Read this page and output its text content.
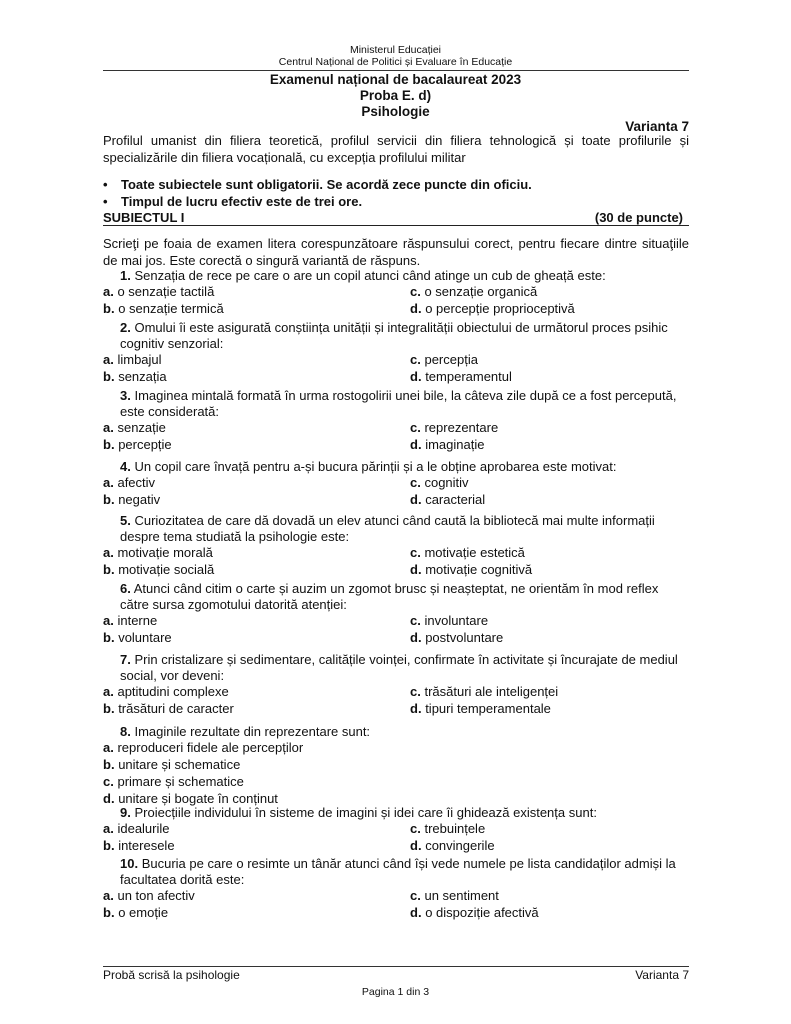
Ministerul Educației
Centrul Național de Politici și Evaluare în Educație
Examenul național de bacalaureat 2023
Proba E. d)
Psihologie
Varianta 7
Profilul umanist din filiera teoretică, profilul servicii din filiera tehnologică și toate profilurile și specializările din filiera vocațională, cu excepția profilului militar
• Toate subiectele sunt obligatorii. Se acordă zece puncte din oficiu.
• Timpul de lucru efectiv este de trei ore.
SUBIECTUL I	(30 de puncte)
Scrieţi pe foaia de examen litera corespunzătoare răspunsului corect, pentru fiecare dintre situaţiile de mai jos. Este corectă o singură variantă de răspuns.
1. Senzația de rece pe care o are un copil atunci când atinge un cub de gheață este:
a. o senzație tactilă	c. o senzație organică
b. o senzație termică	d. o percepție proprioceptivă
2. Omului îi este asigurată conștiința unității și integralității obiectului de următorul proces psihic cognitiv senzorial:
a. limbajul	c. percepția
b. senzația	d. temperamentul
3. Imaginea mintală formată în urma rostogolirii unei bile, la câteva zile după ce a fost percepută, este considerată:
a. senzație	c. reprezentare
b. percepție	d. imaginație
4. Un copil care învață pentru a-și bucura părinții și a le obține aprobarea este motivat:
a. afectiv	c. cognitiv
b. negativ	d. caracterial
5. Curiozitatea de care dă dovadă un elev atunci când caută la bibliotecă mai multe informații despre tema studiată la psihologie este:
a. motivație morală	c. motivație estetică
b. motivație socială	d. motivație cognitivă
6. Atunci când citim o carte și auzim un zgomot brusc și neașteptat, ne orientăm în mod reflex către sursa zgomotului datorită atenției:
a. interne	c. involuntare
b. voluntare	d. postvoluntare
7. Prin cristalizare și sedimentare, calitățile voinței, confirmate în activitate și încurajate de mediul social, vor deveni:
a. aptitudini complexe	c. trăsături ale inteligenței
b. trăsături de caracter	d. tipuri temperamentale
8. Imaginile rezultate din reprezentare sunt:
a. reproduceri fidele ale percepților
b. unitare și schematice
c. primare și schematice
d. unitare și bogate în conținut
9. Proiecțiile individului în sisteme de imagini și idei care îi ghidează existența sunt:
a. idealurile	c. trebuințele
b. interesele	d. convingerile
10. Bucuria pe care o resimte un tânăr atunci când își vede numele pe lista candidaților admiși la facultatea dorită este:
a. un ton afectiv	c. un sentiment
b. o emoție	d. o dispoziție afectivă
Probă scrisă la psihologie	Varianta 7
Pagina 1 din 3
